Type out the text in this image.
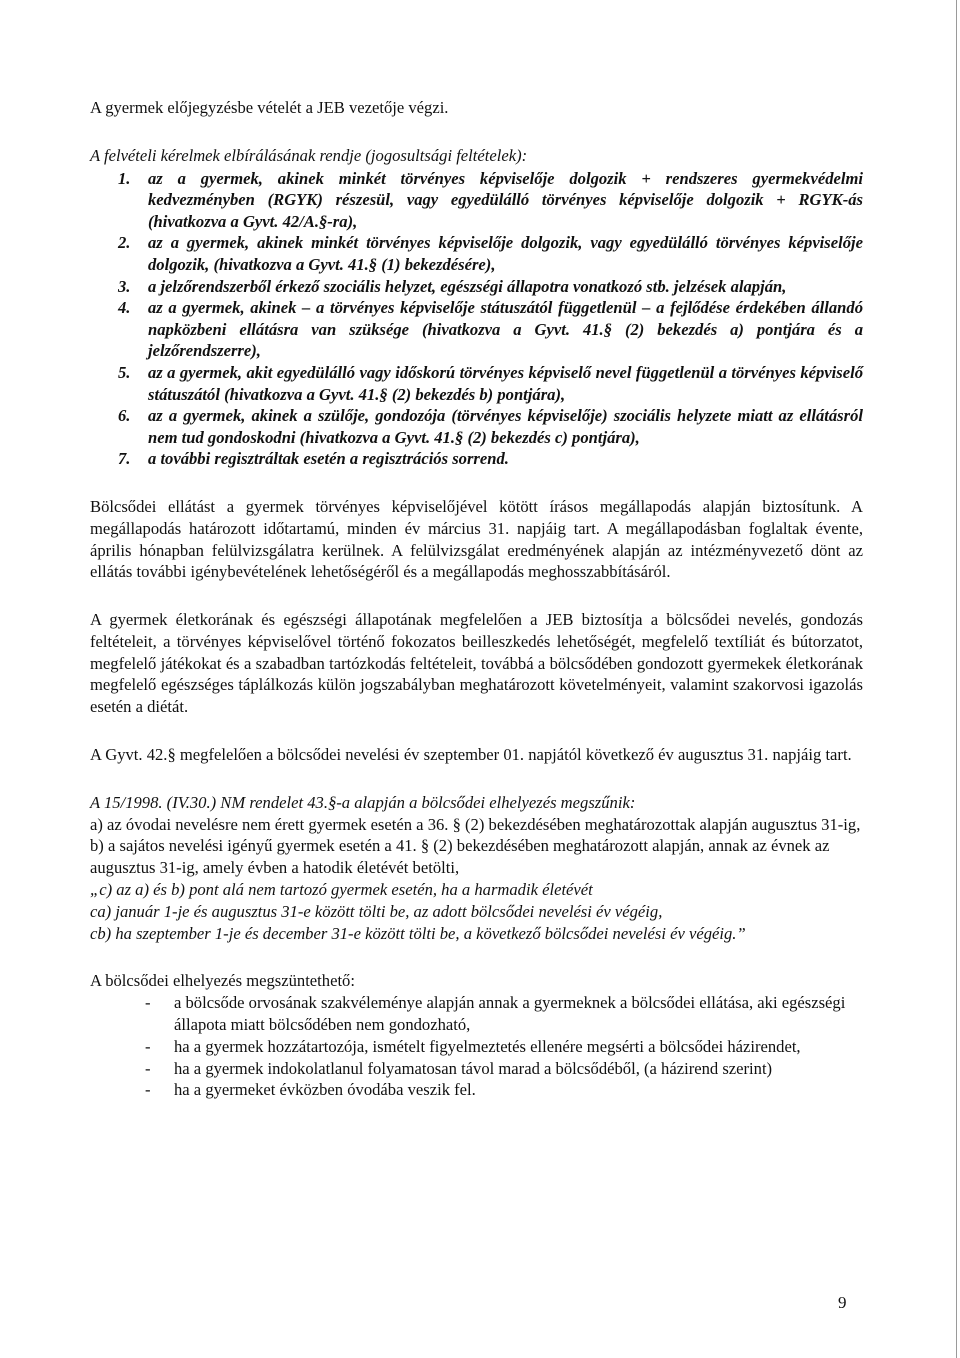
A gyermek előjegyzésbe vételét a JEB vezetője végzi.

A felvételi kérelmek elbírálásának rendje (jogosultsági feltételek):

1. az a gyermek, akinek minkét törvényes képviselője dolgozik + rendszeres gyermekvédelmi kedvezményben (RGYK) részesül, vagy egyedülálló törvényes képviselője dolgozik + RGYK-ás (hivatkozva a Gyvt. 42/A.§-ra),
2. az a gyermek, akinek minkét törvényes képviselője dolgozik, vagy egyedülálló törvényes képviselője dolgozik, (hivatkozva a Gyvt. 41.§ (1) bekezdésére),
3. a jelzőrendszerből érkező szociális helyzet, egészségi állapotra vonatkozó stb. jelzések alapján,
4. az a gyermek, akinek – a törvényes képviselője státuszától függetlenül – a fejlődése érdekében állandó napközbeni ellátásra van szüksége (hivatkozva a Gyvt. 41.§ (2) bekezdés a) pontjára és a jelzőrendszerre),
5. az a gyermek, akit egyedülálló vagy időskorú törvényes képviselő nevel függetlenül a törvényes képviselő státuszától (hivatkozva a Gyvt. 41.§ (2) bekezdés b) pontjára),
6. az a gyermek, akinek a szülője, gondozója (törvényes képviselője) szociális helyzete miatt az ellátásról nem tud gondoskodni (hivatkozva a Gyvt. 41.§ (2) bekezdés c) pontjára),
7. a további regisztráltak esetén a regisztrációs sorrend.

Bölcsődei ellátást a gyermek törvényes képviselőjével kötött írásos megállapodás alapján biztosítunk. A megállapodás határozott időtartamú, minden év március 31. napjáig tart. A megállapodásban foglaltak évente, április hónapban felülvizsgálatra kerülnek. A felülvizsgálat eredményének alapján az intézményvezető dönt az ellátás további igénybevételének lehetőségéről és a megállapodás meghosszabbításáról.

A gyermek életkorának és egészségi állapotának megfelelően a JEB biztosítja a bölcsődei nevelés, gondozás feltételeit, a törvényes képviselővel történő fokozatos beilleszkedés lehetőségét, megfelelő textíliát és bútorzatot, megfelelő játékokat és a szabadban tartózkodás feltételeit, továbbá a bölcsődében gondozott gyermekek életkorának megfelelő egészséges táplálkozás külön jogszabályban meghatározott követelményeit, valamint szakorvosi igazolás esetén a diétát.

A Gyvt. 42.§ megfelelően a bölcsődei nevelési év szeptember 01. napjától következő év augusztus 31. napjáig tart.

A 15/1998. (IV.30.) NM rendelet 43.§-a alapján a bölcsődei elhelyezés megszűnik:

a) az óvodai nevelésre nem érett gyermek esetén a 36. § (2) bekezdésében meghatározottak alapján augusztus 31-ig,

b) a sajátos nevelési igényű gyermek esetén a 41. § (2) bekezdésében meghatározott alapján, annak az évnek az augusztus 31-ig, amely évben a hatodik életévét betölti,

„c) az a) és b) pont alá nem tartozó gyermek esetén, ha a harmadik életévét

ca) január 1-je és augusztus 31-e között tölti be, az adott bölcsődei nevelési év végéig,

cb) ha szeptember 1-je és december 31-e között tölti be, a következő bölcsődei nevelési év végéig.”

A bölcsődei elhelyezés megszüntethető:

- a bölcsőde orvosának szakvéleménye alapján annak a gyermeknek a bölcsődei ellátása, aki egészségi állapota miatt bölcsődében nem gondozható,
- ha a gyermek hozzátartozója, ismételt figyelmeztetés ellenére megsérti a bölcsődei házirendet,
- ha a gyermek indokolatlanul folyamatosan távol marad a bölcsődéből, (a házirend szerint)
- ha a gyermeket évközben óvodába veszik fel.
9
